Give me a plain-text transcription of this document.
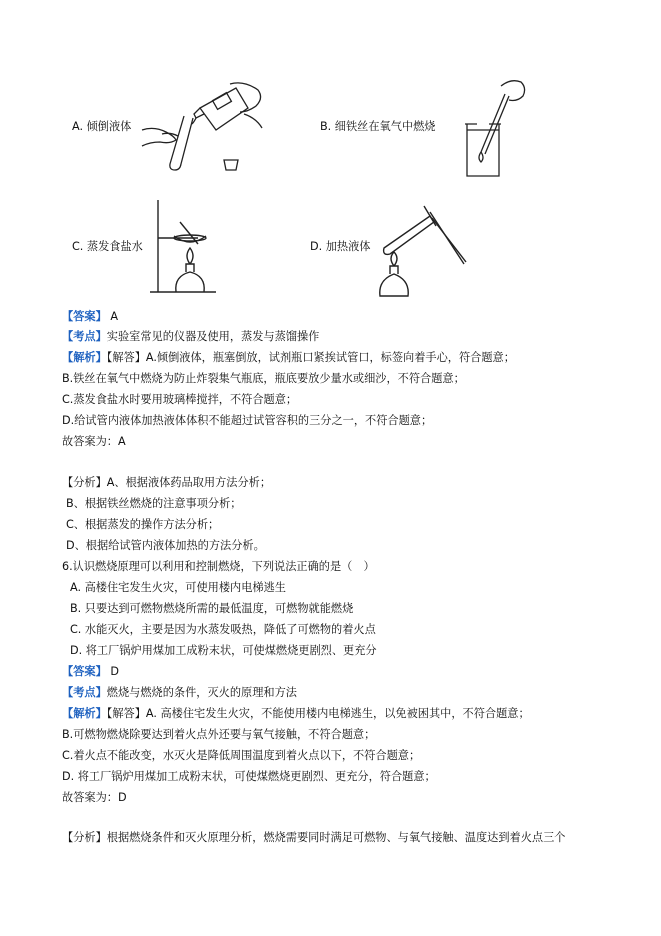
A. 倾倒液体	B. 细铁丝在氧气中燃烧
C. 蒸发食盐水	D. 加热液体
【答案】 A
【考点】实验室常见的仪器及使用，蒸发与蒸馏操作
【解析】【解答】A.倾倒液体，瓶塞倒放，试剂瓶口紧挨试管口，标签向着手心，符合题意；
B.铁丝在氧气中燃烧为防止炸裂集气瓶底，瓶底要放少量水或细沙，不符合题意；
C.蒸发食盐水时要用玻璃棒搅拌，不符合题意；
D.给试管内液体加热液体体积不能超过试管容积的三分之一，不符合题意；
故答案为：A
【分析】A、根据液体药品取用方法分析；
B、根据铁丝燃烧的注意事项分析；
C、根据蒸发的操作方法分析；
D、根据给试管内液体加热的方法分析。
6.认识燃烧原理可以利用和控制燃烧，下列说法正确的是（　）
A. 高楼住宅发生火灾，可使用楼内电梯逃生
B. 只要达到可燃物燃烧所需的最低温度，可燃物就能燃烧
C. 水能灭火，主要是因为水蒸发吸热，降低了可燃物的着火点
D. 将工厂锅炉用煤加工成粉末状，可使煤燃烧更剧烈、更充分
【答案】 D
【考点】燃烧与燃烧的条件，灭火的原理和方法
【解析】【解答】A. 高楼住宅发生火灾，不能使用楼内电梯逃生，以免被困其中，不符合题意；
B.可燃物燃烧除要达到着火点外还要与氧气接触，不符合题意；
C.着火点不能改变，水灭火是降低周围温度到着火点以下，不符合题意；
D. 将工厂锅炉用煤加工成粉末状，可使煤燃烧更剧烈、更充分，符合题意；
故答案为：D
【分析】根据燃烧条件和灭火原理分析，燃烧需要同时满足可燃物、与氧气接触、温度达到着火点三个
